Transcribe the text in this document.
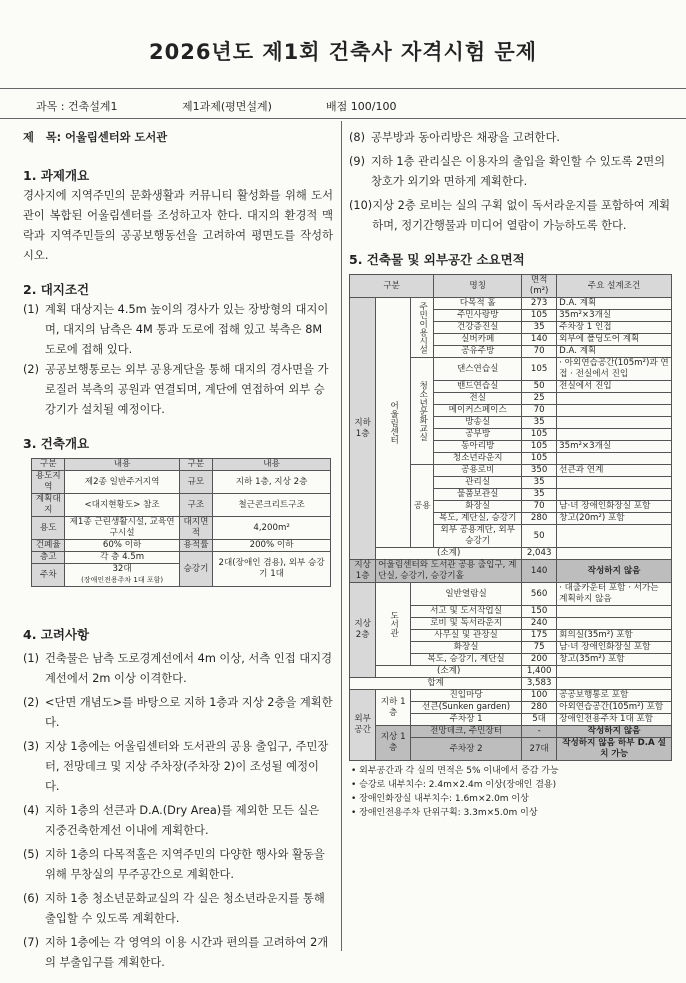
2026년도 제1회 건축사 자격시험 문제
과목 : 건축설계1	제1과제(평면설계)	배점 100/100

제   목: 어울림센터와 도서관

1. 과제개요

경사지에 지역주민의 문화생활과 커뮤니티 활성화를 위해 도서관이 복합된 어울림센터를 조성하고자 한다. 대지의 환경적 맥락과 지역주민들의 공공보행동선을 고려하여 평면도를 작성하시오.

2. 대지조건

(1) 계획 대상지는 4.5m 높이의 경사가 있는 장방형의 대지이며, 대지의 남측은 4M 통과 도로에 접해 있고 북측은 8M 도로에 접해 있다.
(2) 공공보행통로는 외부 공용계단을 통해 대지의 경사면을 가로질러 북측의 공원과 연결되며, 계단에 연접하여 외부 승강기가 설치될 예정이다.

3. 건축개요

구분	내용	구분	내용
용도지역	제2종 일반주거지역	규모	지하 1층, 지상 2층
계획대지	<대지현황도> 참조	구조	철근콘크리트구조
용도	제1종 근린생활시설, 교육연구시설	대지면적	4,200m²
건폐율	60% 이하	용적률	200% 이하
층고	각 층 4.5m	승강기	2대(장애인 겸용), 외부 승강기 1대
주차	32대
(장애인전용주차 1대 포함)		

4. 고려사항

(1) 건축물은 남측 도로경계선에서 4m 이상, 서측 인접 대지경계선에서 2m 이상 이격한다.
(2) <단면 개념도>를 바탕으로 지하 1층과 지상 2층을 계획한다.
(3) 지상 1층에는 어울림센터와 도서관의 공용 출입구, 주민장터, 전망데크 및 지상 주차장(주차장 2)이 조성될 예정이다.
(4) 지하 1층의 선큰과 D.A.(Dry Area)를 제외한 모든 실은 지중건축한계선 이내에 계획한다.
(5) 지하 1층의 다목적홀은 지역주민의 다양한 행사와 활동을 위해 무창실의 무주공간으로 계획한다.
(6) 지하 1층 청소년문화교실의 각 실은 청소년라운지를 통해 출입할 수 있도록 계획한다.
(7) 지하 1층에는 각 영역의 이용 시간과 편의를 고려하여 2개의 부출입구를 계획한다.
(8) 공부방과 동아리방은 채광을 고려한다.
(9) 지하 1층 관리실은 이용자의 출입을 확인할 수 있도록 2면의 창호가 외기와 면하게 계획한다.
(10) 지상 2층 로비는 실의 구획 없이 독서라운지를 포함하여 계획하며, 정기간행물과 미디어 열람이 가능하도록 한다.

5. 건축물 및 외부공간 소요면적

구분			명칭	면적(m²)	주요 설계조건
지하 1층	어울림센터	주민이용시설	다목적 홀	273	D.A. 계획
			주민사랑방	105	35m²×3개실
			건강증진실	35	주차장 1 인접
			실버카페	140	외부에 폴딩도어 계획
			공유주방	70	D.A. 계획
		청소년문화교실	댄스연습실	105	· 아외연습공간(105m²)과 연접 · 전실에서 진입
			밴드연습실	50	전실에서 진입
			전실	25	
			메이커스페이스	70	
			방송실	35	
			공부방	105	
			동아리방	105	35m²×3개실
			청소년라운지	105	
		공용	공용로비	350	선큰과 연계
			관리실	35	
			물품보관실	35	
			화장실	70	남·녀 장애인화장실 포함
			복도, 계단실, 승강기	280	창고(20m²) 포함
			외부 공용계단, 외부 승강기	50	
	(소계)			2,043	
지상 1층	어울림센터와 도서관 공용 출입구, 계단실, 승강기, 승강기홀			140	작성하지 않음
지상 2층	도서관	일반열람실		560	· 대출카운터 포함 · 서가는 계획하지 않음
		서고 및 도서작업실		150	
		로비 및 독서라운지		240	
		사무실 및 관장실		175	회의실(35m²) 포함
		화장실		75	남·녀 장애인화장실 포함
		복도, 승강기, 계단실		200	창고(35m²) 포함
	(소계)			1,400	
합계				3,583	
외부공간	지하 1층	진입마당		100	공공보행통로 포함
		선큰(Sunken garden)		280	아외연습공간(105m²) 포함
		주차장 1		5대	장애인전용주차 1대 포함
	지상 1층	전망데크, 주민장터		-	작성하지 않음
		주차장 2		27대	작성하지 않음 하부 D.A 설치 가능
• 외부공간과 각 실의 면적은 5% 이내에서 증감 가능
• 승강로 내부치수: 2.4m×2.4m 이상(장애인 겸용)
• 장애인화장실 내부치수: 1.6m×2.0m 이상
• 장애인전용주차 단위구획: 3.3m×5.0m 이상
